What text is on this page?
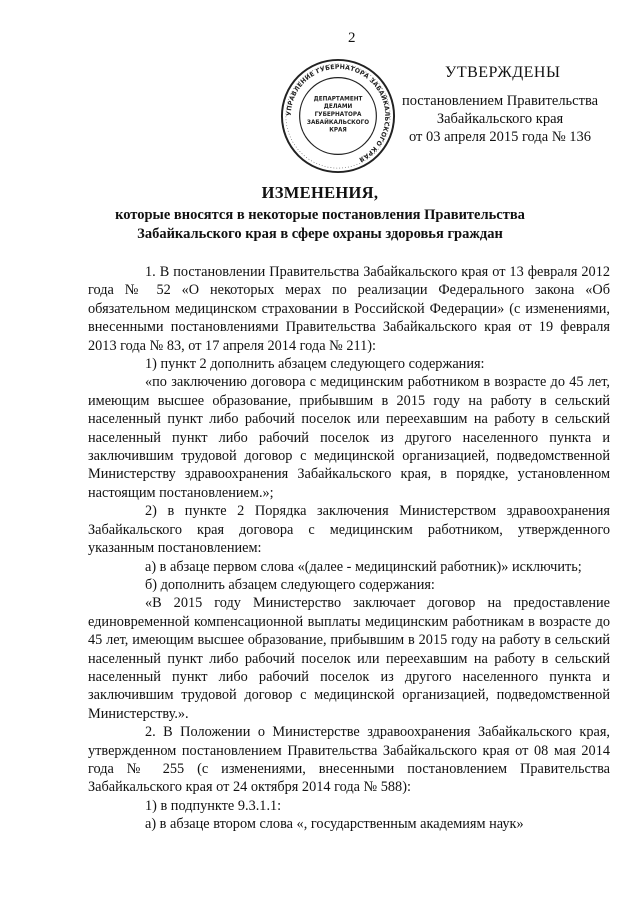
2
УПРАВЛЕНИЕ ГУБЕРНАТОРА ЗАБАЙКАЛЬСКОГО КРАЯ
ДЕПАРТАМЕНТ
ДЕЛАМИ
ГУБЕРНАТОРА
ЗАБАЙКАЛЬСКОГО
КРАЯ
УТВЕРЖДЕНЫ
постановлением Правительства
Забайкальского края
от 03 апреля 2015 года № 136
ИЗМЕНЕНИЯ,
которые вносятся в некоторые постановления Правительства
Забайкальского края в сфере охраны здоровья граждан

1. В постановлении Правительства Забайкальского края от 13 февраля 2012 года № 52 «О некоторых мерах по реализации Федерального закона «Об обязательном медицинском страховании в Российской Федерации» (с изменениями, внесенными постановлениями Правительства Забайкальского края от 19 февраля 2013 года № 83, от 17 апреля 2014 года № 211):

1) пункт 2 дополнить абзацем следующего содержания:

«по заключению договора с медицинским работником в возрасте до 45 лет, имеющим высшее образование, прибывшим в 2015 году на работу в сельский населенный пункт либо рабочий поселок или переехавшим на работу в сельский населенный пункт либо рабочий поселок из другого населенного пункта и заключившим трудовой договор с медицинской организацией, подведомственной Министерству здравоохранения Забайкальского края, в порядке, установленном настоящим постановлением.»;

2) в пункте 2 Порядка заключения Министерством здравоохранения Забайкальского края договора с медицинским работником, утвержденного указанным постановлением:

а) в абзаце первом слова «(далее - медицинский работник)» исключить;

б) дополнить абзацем следующего содержания:

«В 2015 году Министерство заключает договор на предоставление единовременной компенсационной выплаты медицинским работникам в возрасте до 45 лет, имеющим высшее образование, прибывшим в 2015 году на работу в сельский населенный пункт либо рабочий поселок или переехавшим на работу в сельский населенный пункт либо рабочий поселок из другого населенного пункта и заключившим трудовой договор с медицинской организацией, подведомственной Министерству.».

2. В Положении о Министерстве здравоохранения Забайкальского края, утвержденном постановлением Правительства Забайкальского края от 08 мая 2014 года № 255 (с изменениями, внесенными постановлением Правительства Забайкальского края от 24 октября 2014 года № 588):

1) в подпункте 9.3.1.1:

а) в абзаце втором слова «, государственным академиям наук»
